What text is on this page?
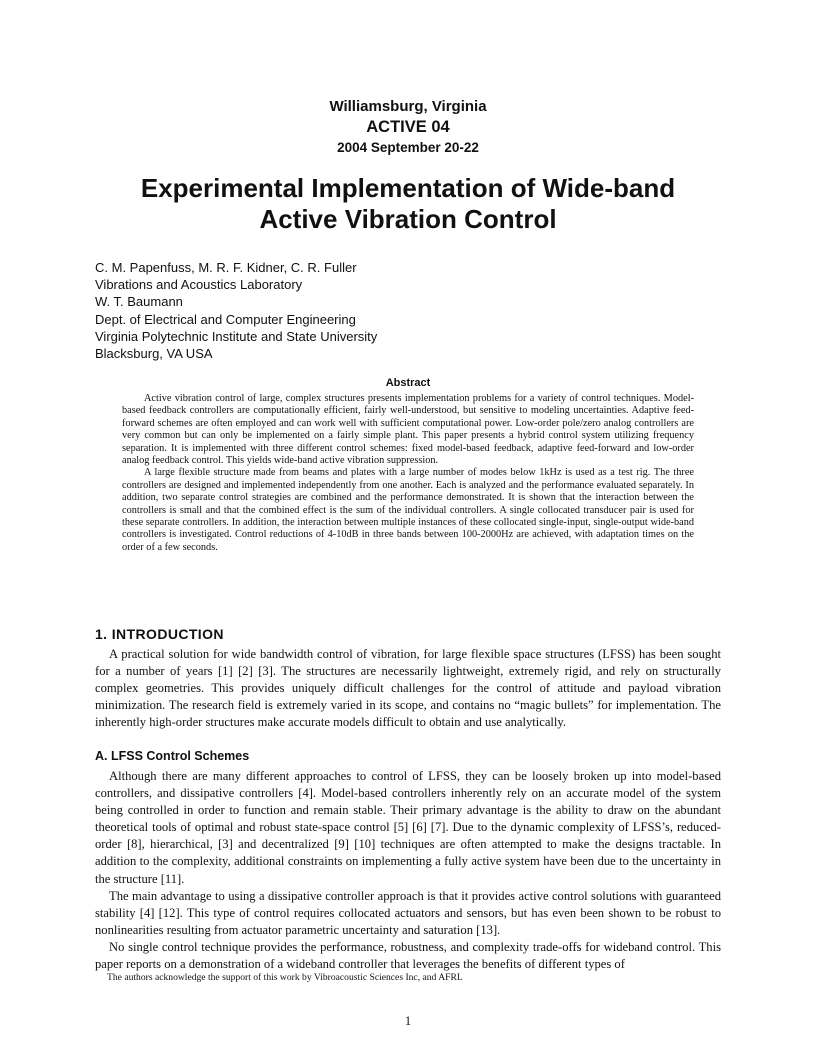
Williamsburg, Virginia
ACTIVE 04
2004 September 20-22
Experimental Implementation of Wide-band
Active Vibration Control
C. M. Papenfuss, M. R. F. Kidner, C. R. Fuller
Vibrations and Acoustics Laboratory
W. T. Baumann
Dept. of Electrical and Computer Engineering
Virginia Polytechnic Institute and State University
Blacksburg, VA USA
Abstract

Active vibration control of large, complex structures presents implementation problems for a variety of control techniques. Model-based feedback controllers are computationally efficient, fairly well-understood, but sensitive to modeling uncertainties. Adaptive feed-forward schemes are often employed and can work well with sufficient computational power. Low-order pole/zero analog controllers are very common but can only be implemented on a fairly simple plant. This paper presents a hybrid control system utilizing frequency separation. It is implemented with three different control schemes: fixed model-based feedback, adaptive feed-forward and low-order analog feedback control. This yields wide-band active vibration suppression.

A large flexible structure made from beams and plates with a large number of modes below 1kHz is used as a test rig. The three controllers are designed and implemented independently from one another. Each is analyzed and the performance evaluated separately. In addition, two separate control strategies are combined and the performance demonstrated. It is shown that the interaction between the controllers is small and that the combined effect is the sum of the individual controllers. A single collocated transducer pair is used for these separate controllers. In addition, the interaction between multiple instances of these collocated single-input, single-output wide-band controllers is investigated. Control reductions of 4-10dB in three bands between 100-2000Hz are achieved, with adaptation times on the order of a few seconds.

1. INTRODUCTION

A practical solution for wide bandwidth control of vibration, for large flexible space structures (LFSS) has been sought for a number of years [1] [2] [3]. The structures are necessarily lightweight, extremely rigid, and rely on structurally complex geometries. This provides uniquely difficult challenges for the control of attitude and payload vibration minimization. The research field is extremely varied in its scope, and contains no “magic bullets” for implementation. The inherently high-order structures make accurate models difficult to obtain and use analytically.

A. LFSS Control Schemes

Although there are many different approaches to control of LFSS, they can be loosely broken up into model-based controllers, and dissipative controllers [4]. Model-based controllers inherently rely on an accurate model of the system being controlled in order to function and remain stable. Their primary advantage is the ability to draw on the abundant theoretical tools of optimal and robust state-space control [5] [6] [7]. Due to the dynamic complexity of LFSS’s, reduced-order [8], hierarchical, [3] and decentralized [9] [10] techniques are often attempted to make the designs tractable. In addition to the complexity, additional constraints on implementing a fully active system have been due to the uncertainty in the structure [11].

The main advantage to using a dissipative controller approach is that it provides active control solutions with guaranteed stability [4] [12]. This type of control requires collocated actuators and sensors, but has even been shown to be robust to nonlinearities resulting from actuator parametric uncertainty and saturation [13].

No single control technique provides the performance, robustness, and complexity trade-offs for wideband control. This paper reports on a demonstration of a wideband controller that leverages the benefits of different types of

The authors acknowledge the support of this work by Vibroacoustic Sciences Inc, and AFRL
1
